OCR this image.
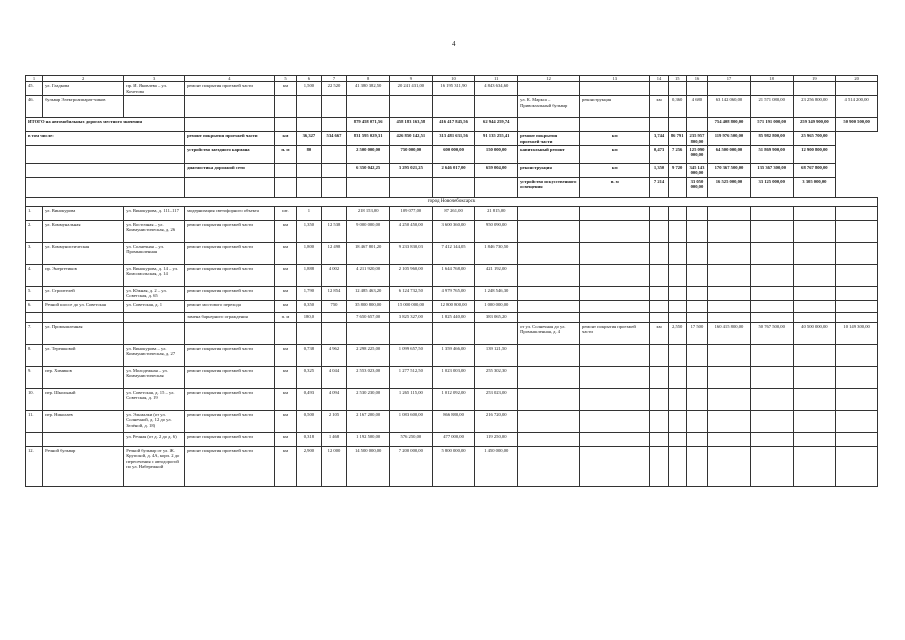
4
1	2	3	4	5	6	7	8	9	10	11	12	13	14	15	16	17	18	19	20
45.	ул. Гладкова	пр. И. Яковлева – ул. Кочетова	ремонт покрытия проезжей части	км	1,500	22 520	41 380 382,50	20 241 431,00	16 195 311,90	4 843 634,60									
46.	бульвар Электроаппарат-чиков										ул. К. Маркса – Привокзальный бульвар	реконструкция	км	0,360	4 680	63 142 060,00	21 571 080,00	23 256 800,00	4 514 200,00
ИТОГО на автомобильных дорогах местного значения							879 458 071,56	458 183 163,58	416 417 845,56	62 944 259,74						754 408 800,00	571 191 000,00	259 349 900,00	50 900 500,00
в том числе:			ремонт покрытия проезжей части	км	36,327	534 667	831 595 029,31	426 850 142,51	313 481 631,56	91 135 255,41	ремонт покрытия проезжей части	км	3,744	86 791	235 957 800,00	119 976 500,00	85 982 800,00	25 965 700,00	
			устройство заездного кармана	п. м	80		2 500 000,00	750 000,00	600 000,00	150 000,00	капитальный ремонт	км	0,473	7 256	125 090 000,00	64 500 000,00	51 869 900,00	12 900 800,00	
			диагностика дорожной сети				6 350 042,25	3 295 021,25	2 646 017,00	659 004,00	реконструкция	км	1,350	9 720	345 143 000,00	170 367 500,00	135 367 300,00	68 767 800,00	
											устройство искусственного освещения	п. м	7 214		33 050 000,00	16 525 000,00	33 125 000,00	3 305 000,00	
город Новочебоксарск																			
1.	ул. Винокурова	ул. Винокурова, д. 111–117	модернизация светофорного объекта	шт.	1		218 153,00	109 077,00	87 261,00	21 815,00									
2.	ул. Коммунальная	ул. Восточная – ул. Коммунистическая, д. 26	ремонт покрытия проезжей части	км	1,350	12 538	9 000 000,00	4 250 450,00	3 600 360,00	950 090,00									
3.	ул. Коммунистическая	ул. Солнечная – ул. Промышленная	ремонт покрытия проезжей части	км	1,800	12 498	18 467 801,20	9 233 830,03	7 412 144,05	1 846 730,50									
4.	пр. Энергетиков	ул. Винокурова, д. 14 – ул. Комсомольская, д. 14	ремонт покрытия проезжей части	км	1,888	4 002	4 211 920,00	2 105 960,00	1 644 768,00	421 192,00									
5.	ул. Строителей	ул. Южная, д. 2 – ул. Советская, д. 65	ремонт покрытия проезжей части	км	1,790	12 854	12 485 463,20	6 124 732,50	4 979 765,00	1 248 546,30									
6.	Речной шоссе до ул. Советская	ул. Советская, д. 1	ремонт мостового перехода	км	0,350	750	35 800 800,00	15 000 000,00	12 800 800,00	1 000 000,00									
			замена барьерного ограждения	п. м	180,0		7 650 657,00	3 825 327,00	1 825 440,00	383 065,20									
7.	ул. Промышленная										от ул. Солнечная до ул. Промышленная, д. 4	ремонт покрытия проезжей части	км	2,550	17 500	160 415 800,00	50 767 500,00	40 500 000,00	10 149 300,00
8.	ул. Терешковой	ул. Винокурова – ул. Коммунистическая, д. 27	ремонт покрытия проезжей части	км	0,738	4 962	2 298 225,00	1 099 657,50	1 359 466,00	139 121,50									
9.	пер. Химиков	ул. Молодежная – ул. Коммунистическая	ремонт покрытия проезжей части	км	0,325	4 044	2 553 023,00	1 277 512,50	1 023 003,00	255 302,30									
10.	пер. Школьный	ул. Советская, д. 15 – ул. Советская, д. 19	ремонт покрытия проезжей части	км	0,493	4 094	2 530 230,00	1 265 115,00	1 012 092,00	253 023,00									
11.	пер. Николаев	ул. Эльмалки (от ул. Солнечной, д. 12 до ул. Зелёной, д. 18)	ремонт покрытия проезжей части	км	0,500	2 105	2 167 200,00	1 083 600,00	866 880,00	216 720,00									
		ул. Речная (от д. 2 до д. 6)	ремонт покрытия проезжей части	км	0,318	1 468	1 192 500,00	576 250,00	477 000,00	119 250,00									
12.	Речной бульвар	Речной бульвар от ул. Ж. Крупской, д. 4А, корп. 2 до пересечения с автодорогой по ул. Набережной	ремонт покрытия проезжей части	км	2,900	12 000	14 500 000,00	7 200 000,00	5 800 000,00	1 450 000,00									
